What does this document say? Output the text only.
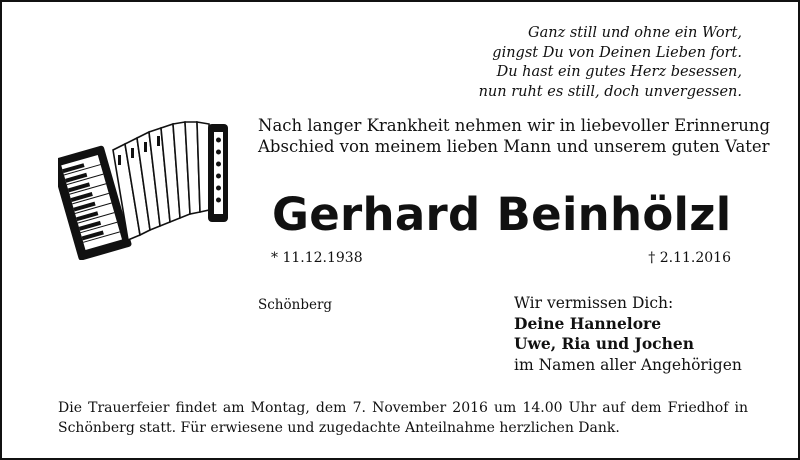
Ganz still und ohne ein Wort,
gingst Du von Deinen Lieben fort.
Du hast ein gutes Herz besessen,
nun ruht es still, doch unvergessen.
Nach langer Krankheit nehmen wir in liebevoller Erinnerung
Abschied von meinem lieben Mann und unserem guten Vater
Gerhard Beinhölzl
* 11.12.1938	† 2.11.2016
Schönberg	Wir vermissen Dich:
Deine Hannelore
Uwe, Ria und Jochen
im Namen aller Angehörigen
Die Trauerfeier findet am Montag, dem 7. November 2016 um 14.00 Uhr auf dem Friedhof in Schönberg statt. Für erwiesene und zugedachte Anteilnahme herzlichen Dank.
